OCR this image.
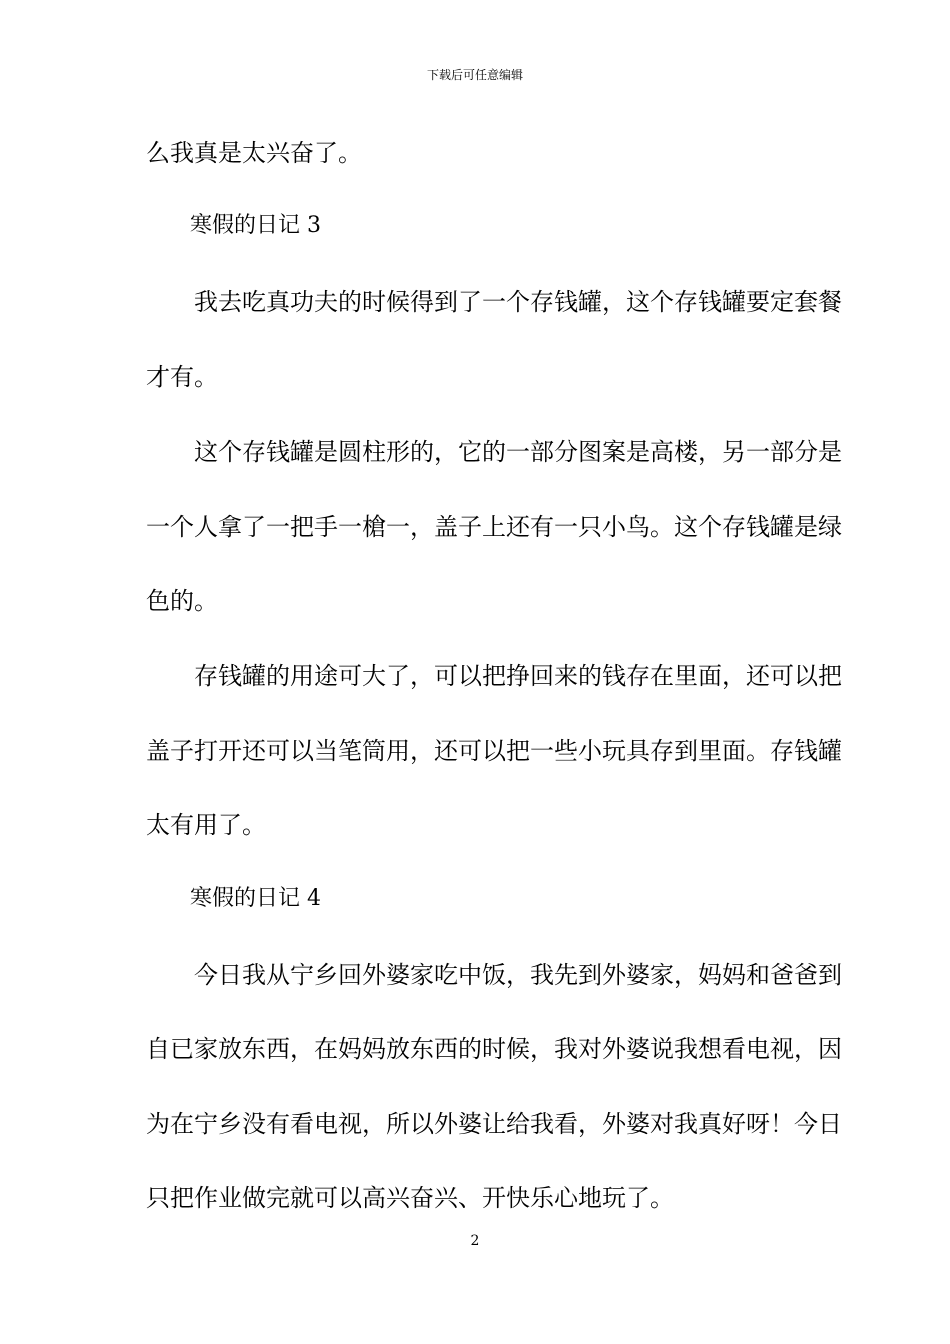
下载后可任意编辑
么我真是太兴奋了。
寒假的日记 3
我去吃真功夫的时候得到了一个存钱罐，这个存钱罐要定套餐
才有。
这个存钱罐是圆柱形的，它的一部分图案是高楼，另一部分是
一个人拿了一把手一槍一，盖子上还有一只小鸟。这个存钱罐是绿
色的。
存钱罐的用途可大了，可以把挣回来的钱存在里面，还可以把
盖子打开还可以当笔筒用，还可以把一些小玩具存到里面。存钱罐
太有用了。
寒假的日记 4
今日我从宁乡回外婆家吃中饭，我先到外婆家，妈妈和爸爸到
自已家放东西，在妈妈放东西的时候，我对外婆说我想看电视，因
为在宁乡没有看电视，所以外婆让给我看，外婆对我真好呀！今日
只把作业做完就可以高兴奋兴、开快乐心地玩了。
2
